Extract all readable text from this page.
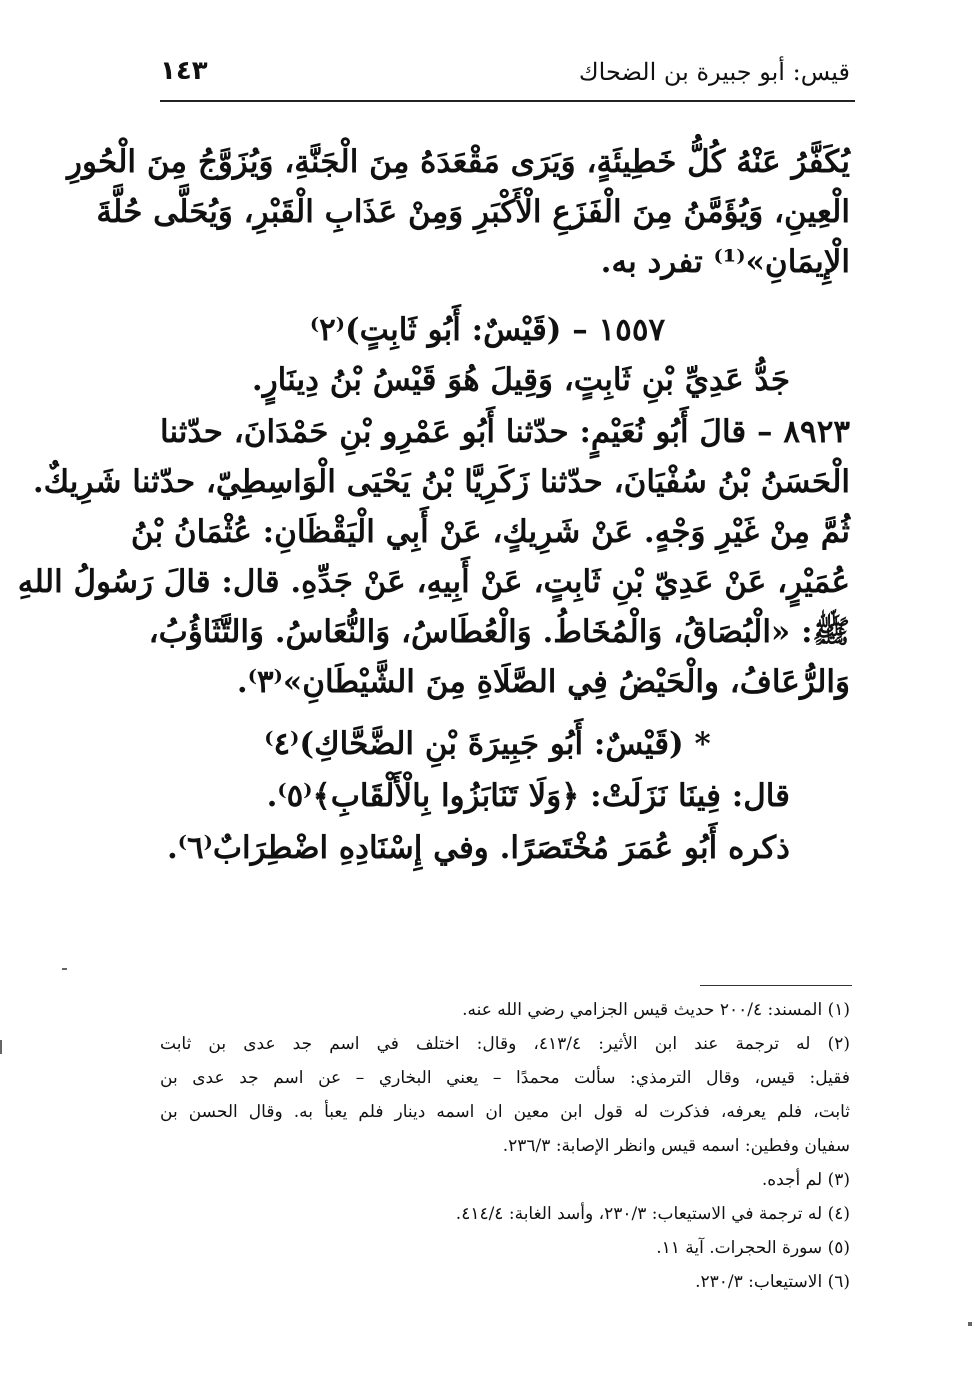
قيس: أبو جبيرة بن الضحاك
١٤٣
يُكَفَّرُ عَنْهُ كُلُّ خَطِيئَةٍ، وَيَرَى مَقْعَدَهُ مِنَ الْجَنَّةِ، وَيُزَوَّجُ مِنَ الْحُورِ
الْعِينِ، وَيُؤَمَّنُ مِنَ الْفَزَعِ الْأَكْبَرِ وَمِنْ عَذَابِ الْقَبْرِ، وَيُحَلَّى حُلَّةَ
الْإِيمَانِ»⁽¹⁾ تفرد به.
١٥٥٧ – (قَيْسٌ: أَبُو ثَابِتٍ)⁽٢⁾
جَدُّ عَدِيِّ بْنِ ثَابِتٍ، وَقِيلَ هُوَ قَيْسُ بْنُ دِينَارٍ.
٨٩٢٣ – قالَ أَبُو نُعَيْمٍ: حدّثنا أَبُو عَمْرِو بْنِ حَمْدَانَ، حدّثنا
الْحَسَنُ بْنُ سُفْيَانَ، حدّثنا زَكَرِيَّا بْنُ يَحْيَى الْوَاسِطِيّ، حدّثنا شَرِيكٌ.
ثُمَّ مِنْ غَيْرِ وَجْهٍ. عَنْ شَرِيكٍ، عَنْ أَبِي الْيَقْظَانِ: عُثْمَانُ بْنُ
عُمَيْرٍ، عَنْ عَدِيّ بْنِ ثَابِتٍ، عَنْ أَبِيهِ، عَنْ جَدِّهِ. قال: قالَ رَسُولُ اللهِ
ﷺ: «الْبُصَاقُ، وَالْمُخَاطُ. وَالْعُطَاسُ، وَالنُّعَاسُ. وَالتَّثَاؤُبُ،
وَالرُّعَافُ، والْحَيْضُ فِي الصَّلَاةِ مِنَ الشَّيْطَانِ»⁽٣⁾.
* (قَيْسٌ: أَبُو جَبِيرَةَ بْنِ الضَّحَّاكِ)⁽٤⁾
قال: فِينَا نَزَلَتْ: ﴿وَلَا تَنَابَزُوا بِالْأَلْقَابِ﴾⁽٥⁾.
ذكره أَبُو عُمَرَ مُخْتَصَرًا. وفي إِسْنَادِهِ اضْطِرَابٌ⁽٦⁾.
(١) المسند: ٢٠٠/٤ حديث قيس الجزامي رضي الله عنه.
(٢) له ترجمة عند ابن الأثير: ٤١٣/٤، وقال: اختلف في اسم جد عدى بن ثابت
فقيل: قيس، وقال الترمذي: سألت محمدًا – يعني البخاري – عن اسم جد عدى بن
ثابت، فلم يعرفه، فذكرت له قول ابن معين ان اسمه دينار فلم يعبأ به. وقال الحسن بن
سفيان وفطين: اسمه قيس وانظر الإصابة: ٢٣٦/٣.
(٣) لم أجده.
(٤) له ترجمة في الاستيعاب: ٢٣٠/٣، وأسد الغابة: ٤١٤/٤.
(٥) سورة الحجرات. آية ١١.
(٦) الاستيعاب: ٢٣٠/٣.
